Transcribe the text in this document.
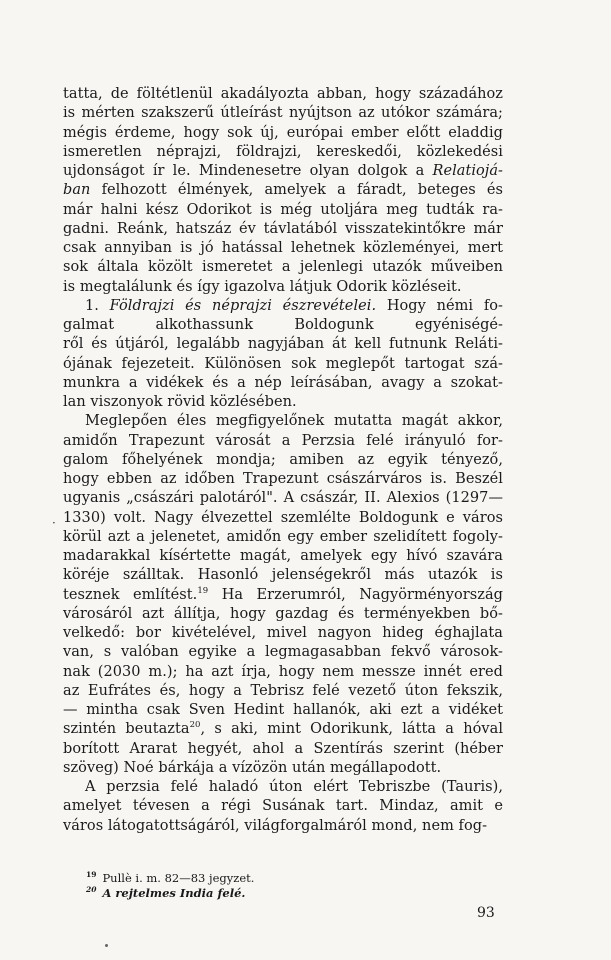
tatta, de föltétlenül akadályozta abban, hogy századához
is mérten szakszerű útleírást nyújtson az utókor számára;
mégis érdeme, hogy sok új, európai ember előtt eladdig
ismeretlen néprajzi, földrajzi, kereskedői, közlekedési
ujdonságot ír le. Mindenesetre olyan dolgok a Relatiojá-
ban felhozott élmények, amelyek a fáradt, beteges és
már halni kész Odorikot is még utoljára meg tudták ra-
gadni. Reánk, hatszáz év távlatából visszatekintőkre már
csak annyiban is jó hatással lehetnek közleményei, mert
sok általa közölt ismeretet a jelenlegi utazók műveiben
is megtalálunk és így igazolva látjuk Odorik közléseit.
1. Földrajzi és néprajzi észrevételei. Hogy némi fo-
galmat alkothassunk Boldogunk egyéniségé-
ről és útjáról, legalább nagyjában át kell futnunk Reláti-
ójának fejezeteit. Különösen sok meglepőt tartogat szá-
munkra a vidékek és a nép leírásában, avagy a szokat-
lan viszonyok rövid közlésében.
Meglepően éles megfigyelőnek mutatta magát akkor,
amidőn Trapezunt városát a Perzsia felé irányuló for-
galom főhelyének mondja; amiben az egyik tényező,
hogy ebben az időben Trapezunt császárváros is. Beszél
ugyanis „császári palotáról". A császár, II. Alexios (1297—
1330) volt. Nagy élvezettel szemlélte Boldogunk e város
körül azt a jelenetet, amidőn egy ember szelidített fogoly-
madarakkal kísértette magát, amelyek egy hívó szavára
köréje szálltak. Hasonló jelenségekről más utazók is
tesznek említést.$^{19}$ Ha Erzerumról, Nagyörményország
városáról azt állítja, hogy gazdag és terményekben bő-
velkedő: bor kivételével, mivel nagyon hideg éghajlata
van, s valóban egyike a legmagasabban fekvő városok-
nak (2030 m.); ha azt írja, hogy nem messze innét ered
az Eufrátes és, hogy a Tebrisz felé vezető úton fekszik,
— mintha csak Sven Hedint hallanók, aki ezt a vidéket
szintén beutazta$^{20}$, s aki, mint Odorikunk, látta a hóval
borított Ararat hegyét, ahol a Szentírás szerint (héber
szöveg) Noé bárkája a vízözön után megállapodott.
A perzsia felé haladó úton elért Tebriszbe (Tauris),
amelyet tévesen a régi Susának tart. Mindaz, amit e
város látogatottságáról, világforgalmáról mond, nem fog-
·
$^{19}$ Pullè i. m. 82—83 jegyzet.
$^{20}$ A rejtelmes India felé.
93
